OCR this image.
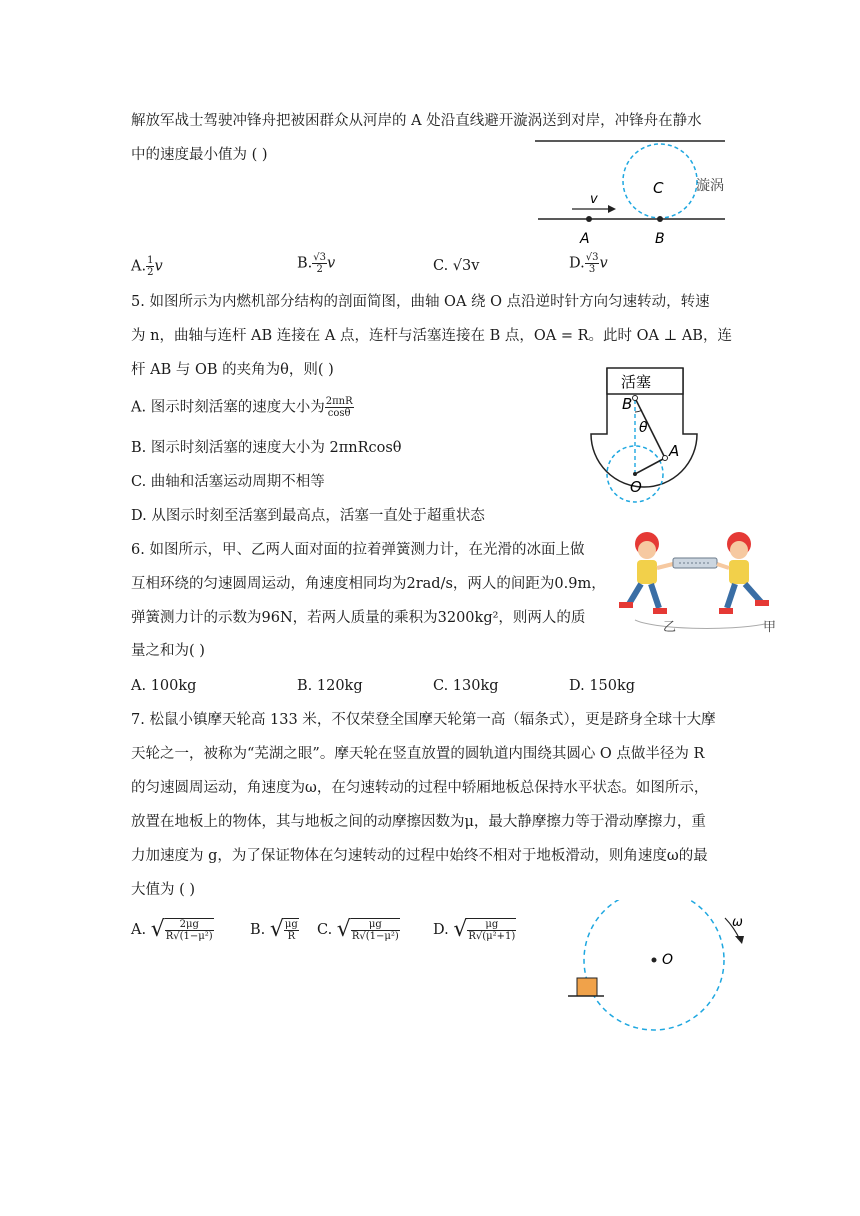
解放军战士驾驶冲锋舟把被困群众从河岸的 A 处沿直线避开漩涡送到对岸，冲锋舟在静水
中的速度最小值为 ( )
C 漩涡
v
A	B
A. $\frac{1}{2}$ v	B. $\frac{√3}{2}$ v	C. √3v	D. $\frac{√3}{3}$ v
5. 如图所示为内燃机部分结构的剖面简图，曲轴 OA 绕 O 点沿逆时针方向匀速转动，转速
为 n，曲轴与连杆 AB 连接在 A 点，连杆与活塞连接在 B 点，OA = R。此时 OA ⊥ AB，连
杆 AB 与 OB 的夹角为θ，则( )
A. 图示时刻活塞的速度大小为 $\frac{\text{2πnR}}{\cos\theta}$
B. 图示时刻活塞的速度大小为 2πnRcosθ
C. 曲轴和活塞运动周期不相等
D. 从图示时刻至活塞到最高点，活塞一直处于超重状态
活塞
B
θ
A
O
6. 如图所示，甲、乙两人面对面的拉着弹簧测力计，在光滑的冰面上做
互相环绕的匀速圆周运动，角速度相同均为2rad/s，两人的间距为0.9m，
弹簧测力计的示数为96N，若两人质量的乘积为3200kg²，则两人的质
量之和为( )
乙	甲
A. 100kg	B. 120kg	C. 130kg	D. 150kg
7. 松鼠小镇摩天轮高 133 米，不仅荣登全国摩天轮第一高（辐条式），更是跻身全球十大摩
天轮之一，被称为“芜湖之眼”。摩天轮在竖直放置的圆轨道内围绕其圆心 O 点做半径为 R
的匀速圆周运动，角速度为ω，在匀速转动的过程中轿厢地板总保持水平状态。如图所示，
放置在地板上的物体，其与地板之间的动摩擦因数为μ，最大静摩擦力等于滑动摩擦力，重
力加速度为 g，为了保证物体在匀速转动的过程中始终不相对于地板滑动，则角速度ω的最
大值为 ( )
A. √ $\frac{2\mu g}{\text{R√(1−μ²)}}$	B. √ $\frac{\mu g}{R} C$. √ $\frac{\mu g}{\text{R√(1−μ²)}} D$. √ $\frac{\mu g}{\text{R√(μ²+1)}}$
O
ω
